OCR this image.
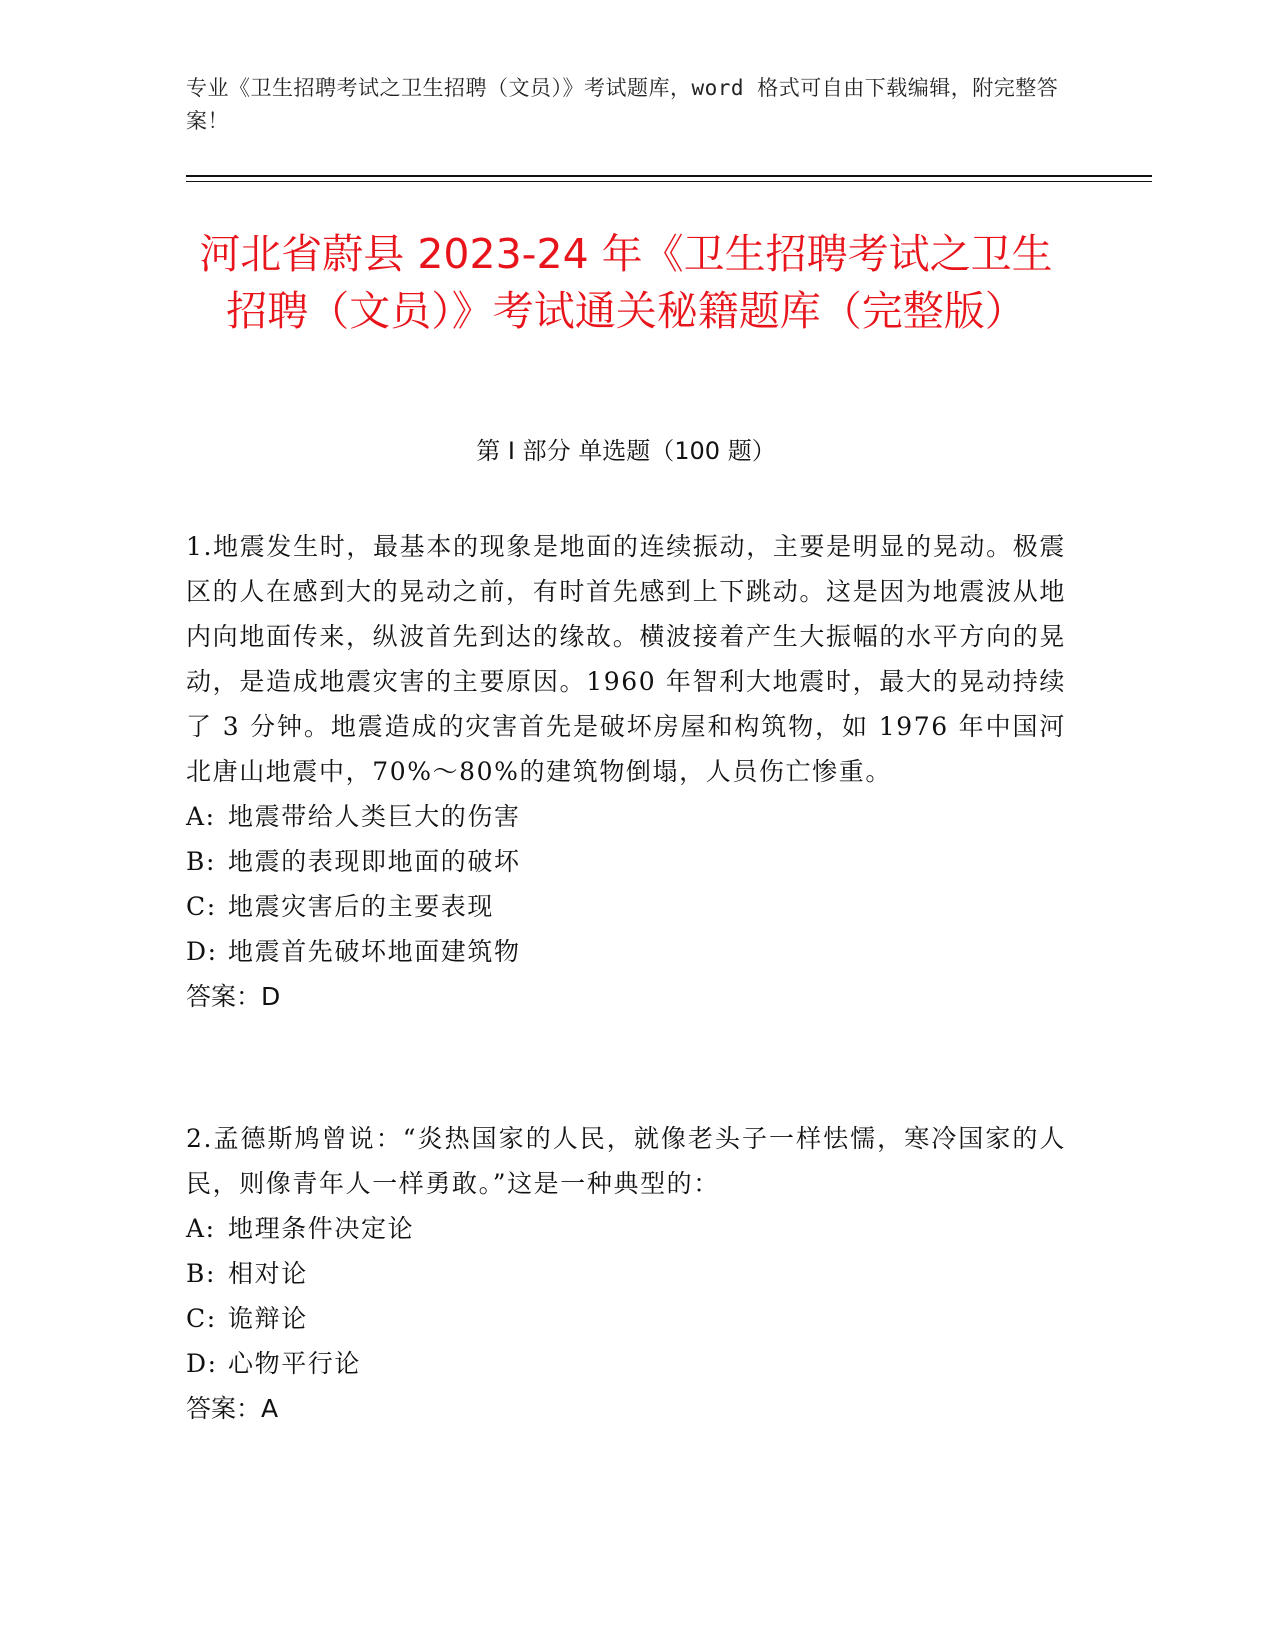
专业《卫生招聘考试之卫生招聘（文员）》考试题库，word 格式可自由下载编辑，附完整答案！
河北省蔚县 2023-24 年《卫生招聘考试之卫生招聘（文员）》考试通关秘籍题库（完整版）
第 I 部分 单选题（100 题）

1.地震发生时，最基本的现象是地面的连续振动，主要是明显的晃动。极震区的人在感到大的晃动之前，有时首先感到上下跳动。这是因为地震波从地内向地面传来，纵波首先到达的缘故。横波接着产生大振幅的水平方向的晃动，是造成地震灾害的主要原因。1960 年智利大地震时，最大的晃动持续了 3 分钟。地震造成的灾害首先是破坏房屋和构筑物，如 1976 年中国河北唐山地震中，70%～80%的建筑物倒塌，人员伤亡惨重。

A: 地震带给人类巨大的伤害

B: 地震的表现即地面的破坏

C: 地震灾害后的主要表现

D: 地震首先破坏地面建筑物

答案：D

2.孟德斯鸠曾说：“炎热国家的人民，就像老头子一样怯懦，寒冷国家的人民，则像青年人一样勇敢。”这是一种典型的：

A: 地理条件决定论

B: 相对论

C: 诡辩论

D: 心物平行论

答案：A
